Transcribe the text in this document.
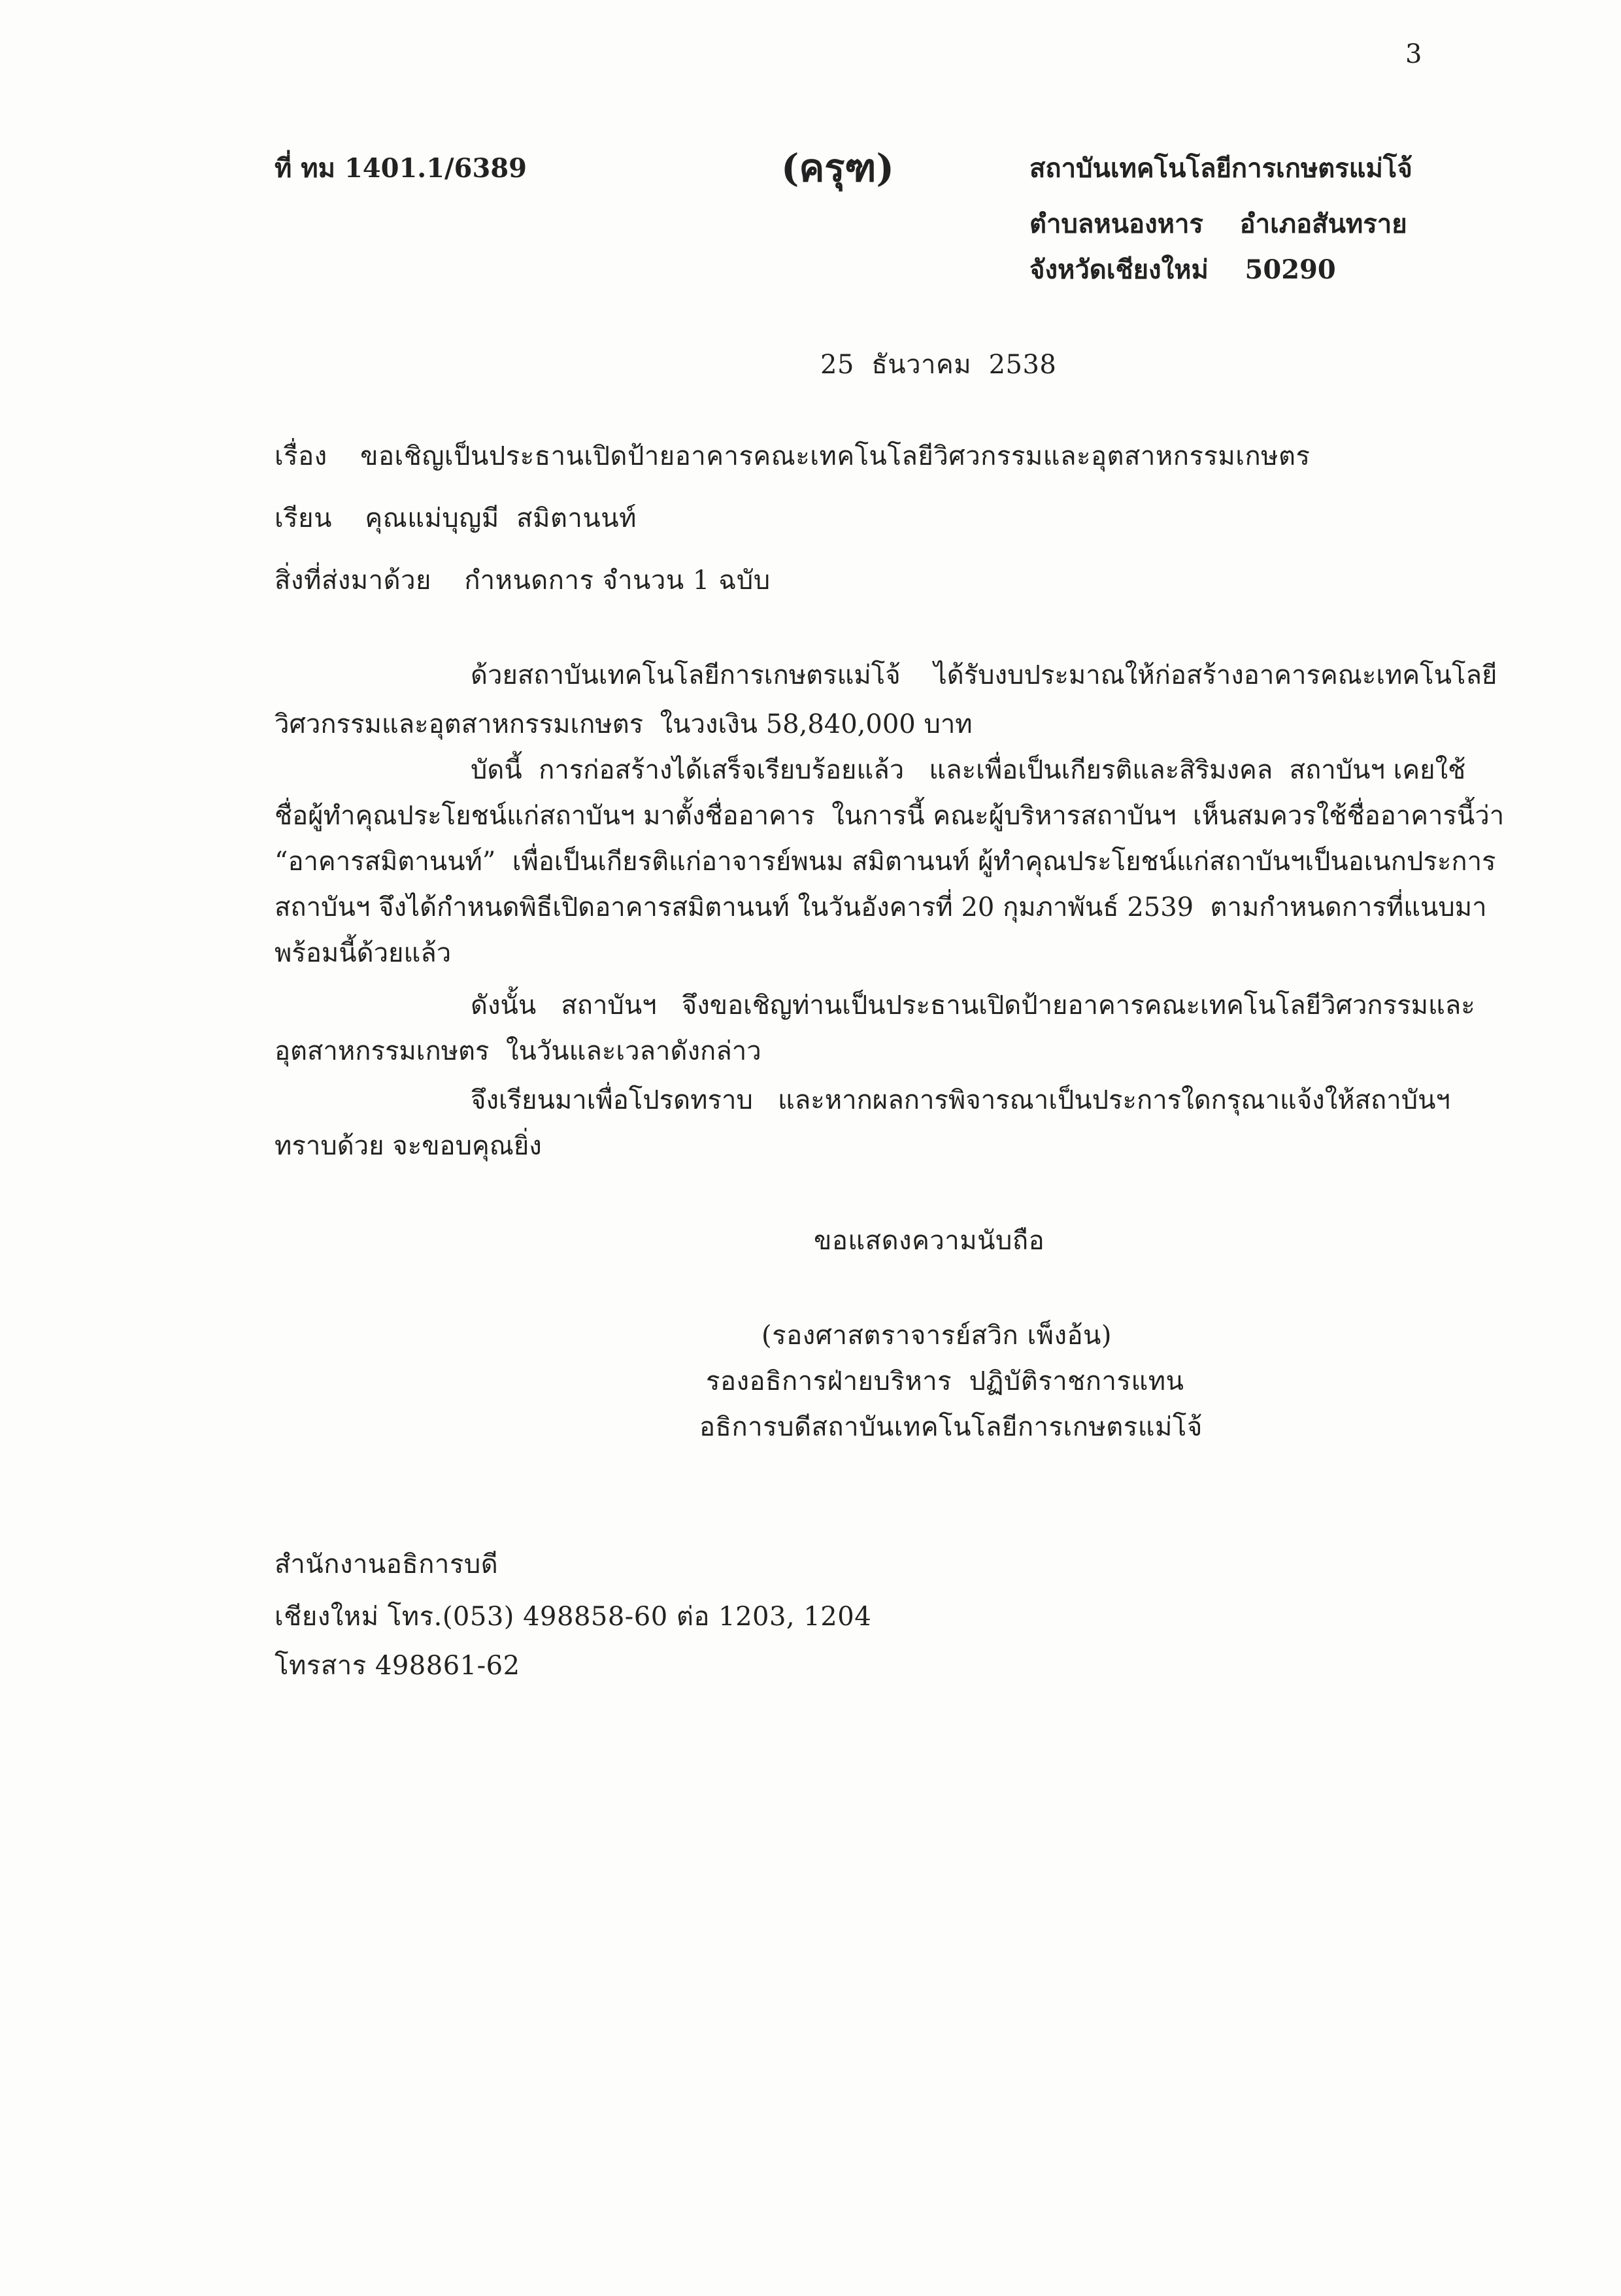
3
ที่ ทม 1401.1/6389	(ครุฑ)	สถาบันเทคโนโลยีการเกษตรแม่โจ้
ตำบลหนองหาร    อำเภอสันทราย
จังหวัดเชียงใหม่    50290
25  ธันวาคม  2538
เรื่อง ขอเชิญเป็นประธานเปิดป้ายอาคารคณะเทคโนโลยีวิศวกรรมและอุตสาหกรรมเกษตร
เรียน คุณแม่บุญมี  สมิตานนท์
สิ่งที่ส่งมาด้วย กำหนดการ จำนวน 1 ฉบับ
ด้วยสถาบันเทคโนโลยีการเกษตรแม่โจ้    ได้รับงบประมาณให้ก่อสร้างอาคารคณะเทคโนโลยี
วิศวกรรมและอุตสาหกรรมเกษตร  ในวงเงิน 58,840,000 บาท
บัดนี้  การก่อสร้างได้เสร็จเรียบร้อยแล้ว   และเพื่อเป็นเกียรติและสิริมงคล  สถาบันฯ เคยใช้
ชื่อผู้ทำคุณประโยชน์แก่สถาบันฯ มาตั้งชื่ออาคาร  ในการนี้ คณะผู้บริหารสถาบันฯ  เห็นสมควรใช้ชื่ออาคารนี้ว่า
“อาคารสมิตานนท์”  เพื่อเป็นเกียรติแก่อาจารย์พนม สมิตานนท์ ผู้ทำคุณประโยชน์แก่สถาบันฯเป็นอเนกประการ
สถาบันฯ จึงได้กำหนดพิธีเปิดอาคารสมิตานนท์ ในวันอังคารที่ 20 กุมภาพันธ์ 2539  ตามกำหนดการที่แนบมา
พร้อมนี้ด้วยแล้ว
ดังนั้น   สถาบันฯ   จึงขอเชิญท่านเป็นประธานเปิดป้ายอาคารคณะเทคโนโลยีวิศวกรรมและ
อุตสาหกรรมเกษตร  ในวันและเวลาดังกล่าว
จึงเรียนมาเพื่อโปรดทราบ   และหากผลการพิจารณาเป็นประการใดกรุณาแจ้งให้สถาบันฯ
ทราบด้วย จะขอบคุณยิ่ง
ขอแสดงความนับถือ
(รองศาสตราจารย์สวิก เพ็งอ้น)
รองอธิการฝ่ายบริหาร  ปฏิบัติราชการแทน
อธิการบดีสถาบันเทคโนโลยีการเกษตรแม่โจ้
สำนักงานอธิการบดี
เชียงใหม่ โทร.(053) 498858-60 ต่อ 1203, 1204
โทรสาร 498861-62
